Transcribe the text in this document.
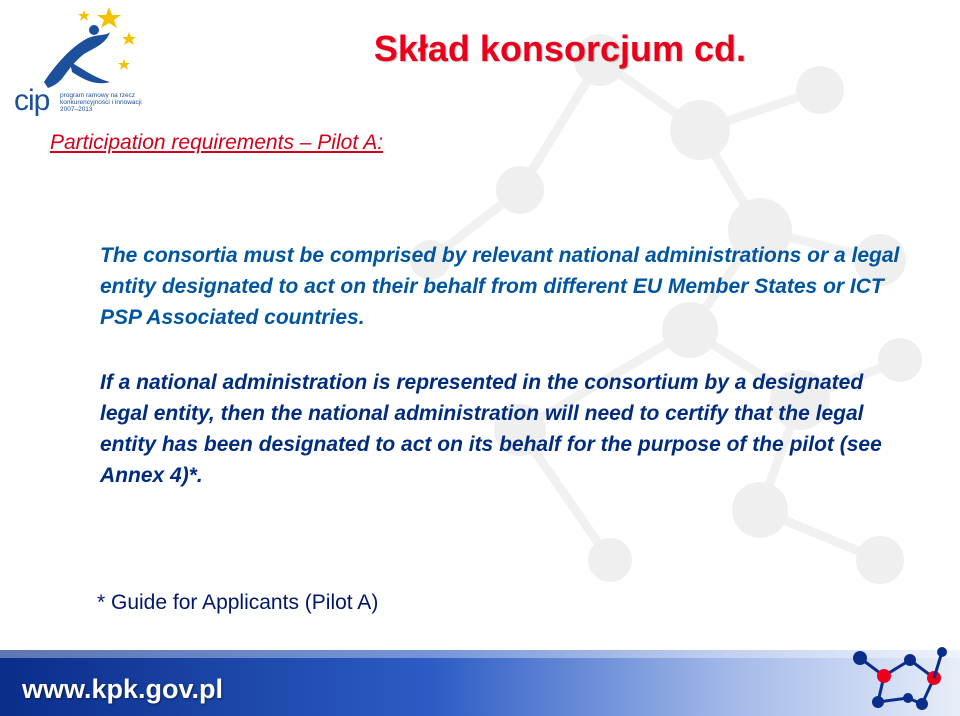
cip program ramowy na rzecz
konkurencyjności i innowacji
2007–2013
Skład konsorcjum cd.
Participation requirements – Pilot A:

The consortia must be comprised by relevant national administrations or a legal entity designated to act on their behalf from different EU Member States or ICT PSP Associated countries.

If a national administration is represented in the consortium by a designated legal entity, then the national administration will need to certify that the legal entity has been designated to act on its behalf for the purpose of the pilot (see Annex 4)*.

* Guide for Applicants (Pilot A)
www.kpk.gov.pl
